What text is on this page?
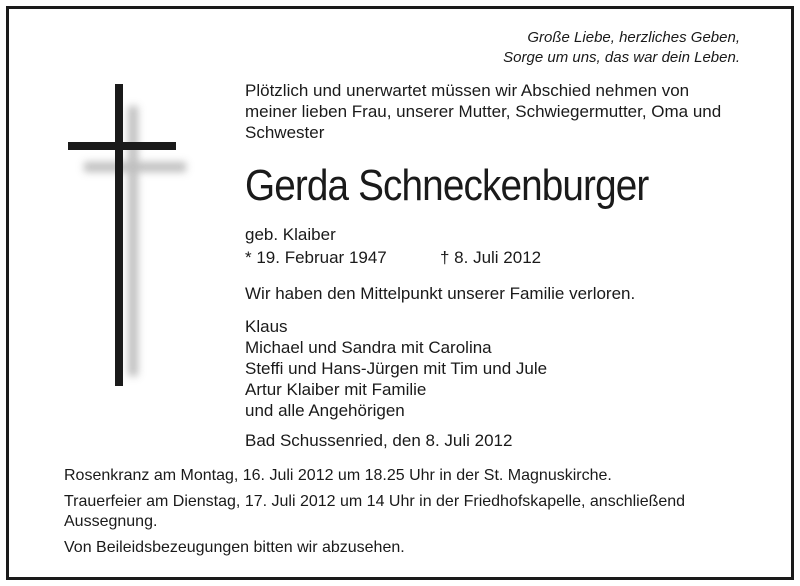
Große Liebe, herzliches Geben,
Sorge um uns, das war dein Leben.
Plötzlich und unerwartet müssen wir Abschied nehmen von meiner lieben Frau, unserer Mutter, Schwiegermutter, Oma und Schwester
Gerda Schneckenburger
geb. Klaiber
* 19. Februar 1947	† 8. Juli 2012
Wir haben den Mittelpunkt unserer Familie verloren.
Klaus
Michael und Sandra mit Carolina
Steffi und Hans-Jürgen mit Tim und Jule
Artur Klaiber mit Familie
und alle Angehörigen
Bad Schussenried, den 8. Juli 2012
Rosenkranz am Montag, 16. Juli 2012 um 18.25 Uhr in der St. Magnuskirche.
Trauerfeier am Dienstag, 17. Juli 2012 um 14 Uhr in der Friedhofskapelle, anschließend
Aussegnung.
Von Beileidsbezeugungen bitten wir abzusehen.
